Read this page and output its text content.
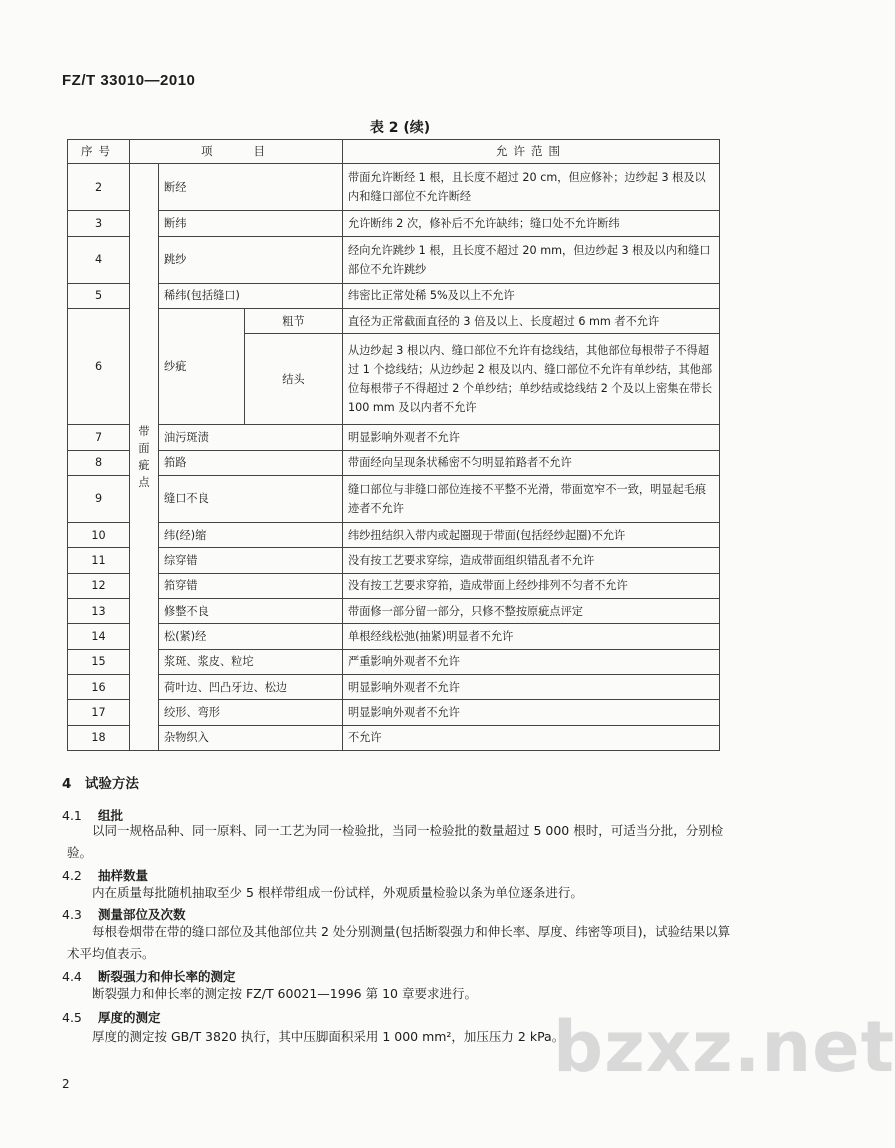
FZ/T 33010—2010
表 2 (续)
序号	项　　目			允许范围
2	带面疵点	断经		带面允许断经 1 根，且长度不超过 20 cm，但应修补；边纱起 3 根及以内和缝口部位不允许断经
3		断纬		允许断纬 2 次，修补后不允许缺纬；缝口处不允许断纬
4		跳纱		经向允许跳纱 1 根，且长度不超过 20 mm，但边纱起 3 根及以内和缝口部位不允许跳纱
5		稀纬(包括缝口)		纬密比正常处稀 5%及以上不允许
6		纱疵	粗节	直径为正常截面直径的 3 倍及以上、长度超过 6 mm 者不允许
			结头	从边纱起 3 根以内、缝口部位不允许有捻线结，其他部位每根带子不得超过 1 个捻线结；从边纱起 2 根及以内、缝口部位不允许有单纱结，其他部位每根带子不得超过 2 个单纱结；单纱结或捻线结 2 个及以上密集在带长 100 mm 及以内者不允许
7		油污斑渍		明显影响外观者不允许
8		筘路		带面经向呈现条状稀密不匀明显筘路者不允许
9		缝口不良		缝口部位与非缝口部位连接不平整不光滑，带面宽窄不一致，明显起毛痕迹者不允许
10		纬(经)缩		纬纱扭结织入带内或起圈现于带面(包括经纱起圈)不允许
11		综穿错		没有按工艺要求穿综，造成带面组织错乱者不允许
12		筘穿错		没有按工艺要求穿筘，造成带面上经纱排列不匀者不允许
13		修整不良		带面修一部分留一部分，只修不整按原疵点评定
14		松(紧)经		单根经线松弛(抽紧)明显者不允许
15		浆斑、浆皮、粒坨		严重影响外观者不允许
16		荷叶边、凹凸牙边、松边		明显影响外观者不允许
17		绞形、弯形		明显影响外观者不允许
18		杂物织入		不允许
4　试验方法
4.1 组批
以同一规格品种、同一原料、同一工艺为同一检验批，当同一检验批的数量超过 5 000 根时，可适当分批，分别检验。
4.2 抽样数量
内在质量每批随机抽取至少 5 根样带组成一份试样，外观质量检验以条为单位逐条进行。
4.3 测量部位及次数
每根卷烟带在带的缝口部位及其他部位共 2 处分别测量(包括断裂强力和伸长率、厚度、纬密等项目)，试验结果以算术平均值表示。
4.4 断裂强力和伸长率的测定
断裂强力和伸长率的测定按 FZ/T 60021—1996 第 10 章要求进行。
4.5 厚度的测定
厚度的测定按 GB/T 3820 执行，其中压脚面积采用 1 000 mm²，加压压力 2 kPa。
2	bzxz.net
